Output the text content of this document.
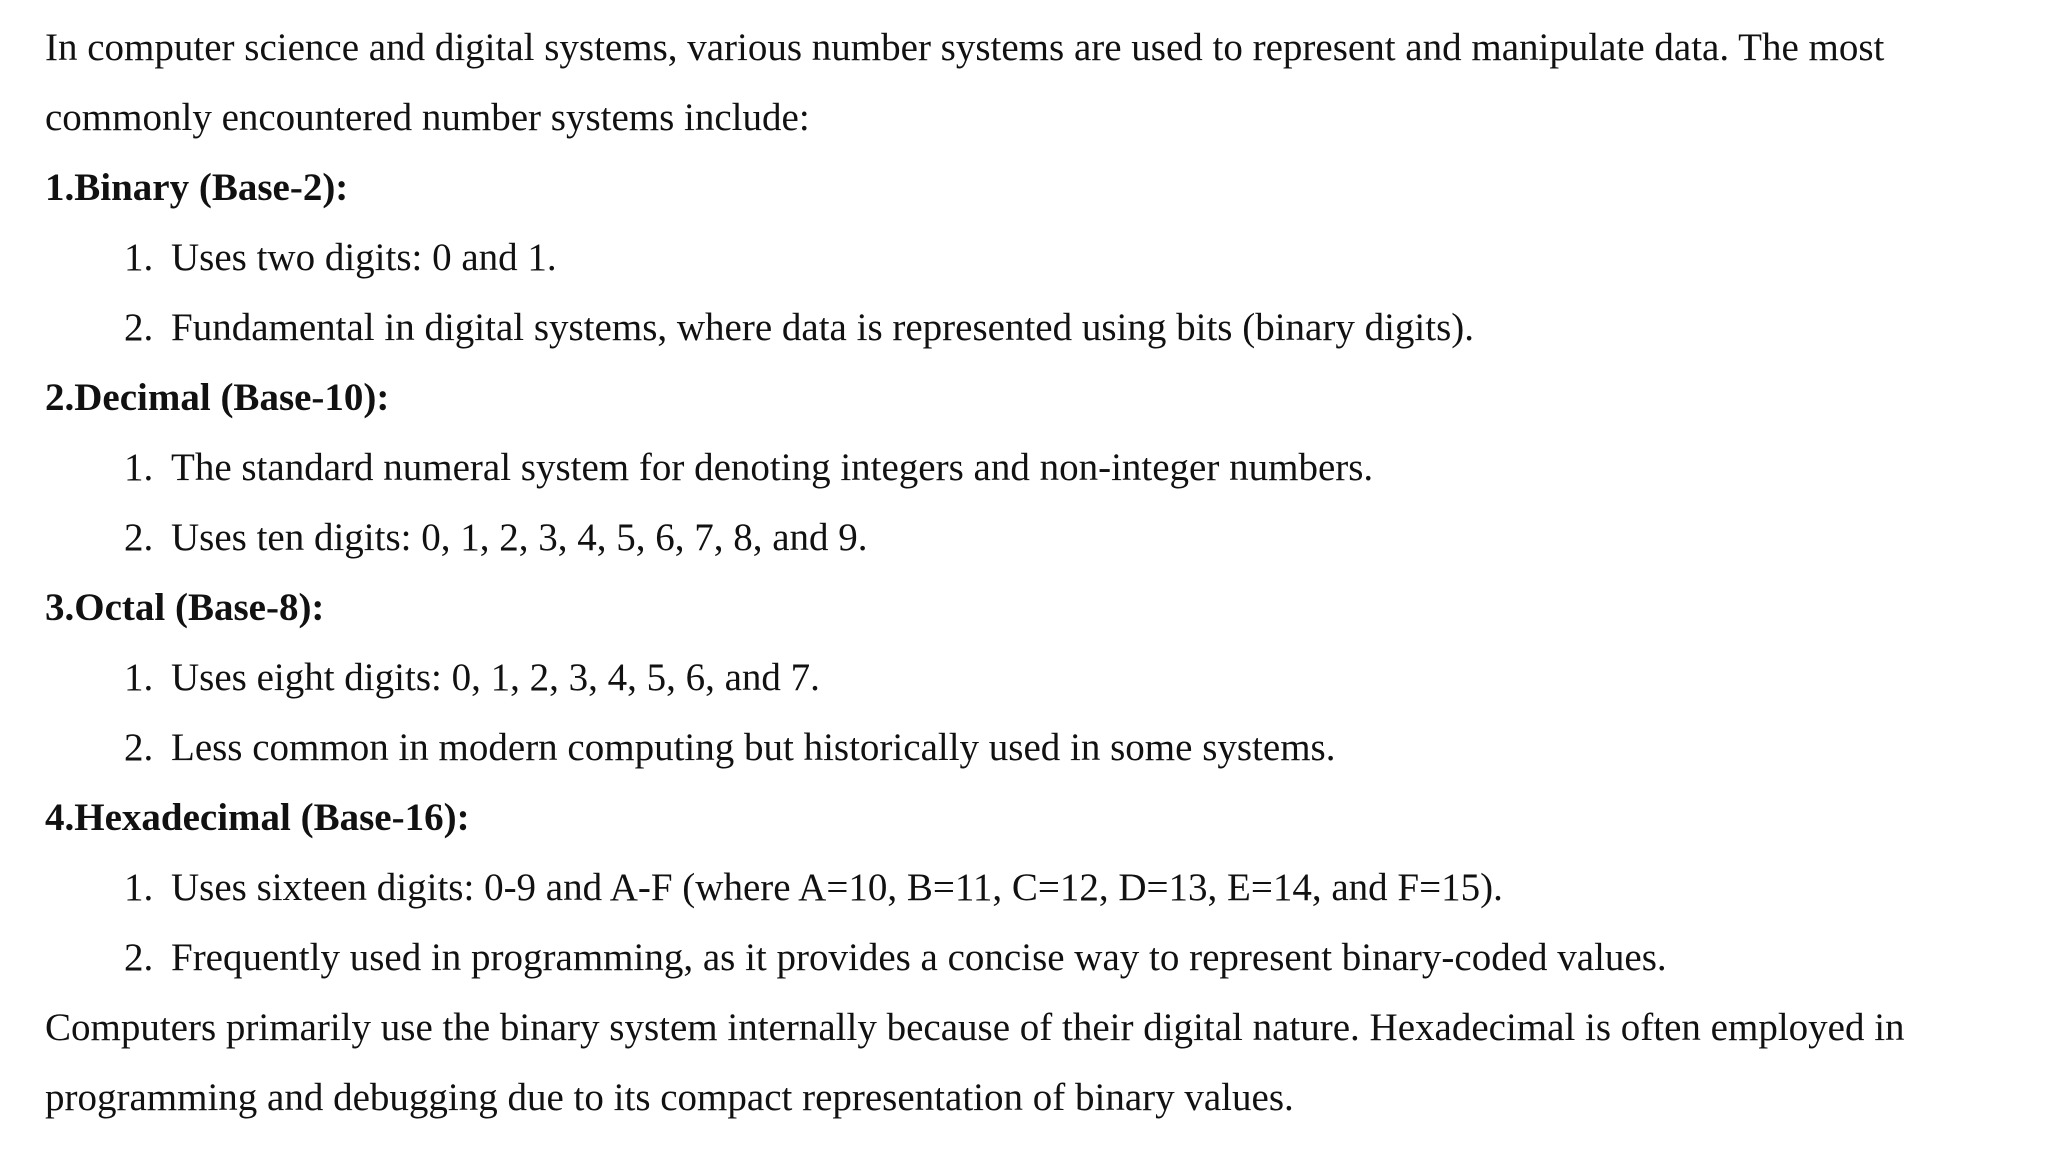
In computer science and digital systems, various number systems are used to represent and manipulate data. The most
commonly encountered number systems include:
1.Binary (Base-2):
1. Uses two digits: 0 and 1.
2. Fundamental in digital systems, where data is represented using bits (binary digits).
2.Decimal (Base-10):
1. The standard numeral system for denoting integers and non-integer numbers.
2. Uses ten digits: 0, 1, 2, 3, 4, 5, 6, 7, 8, and 9.
3.Octal (Base-8):
1. Uses eight digits: 0, 1, 2, 3, 4, 5, 6, and 7.
2. Less common in modern computing but historically used in some systems.
4.Hexadecimal (Base-16):
1. Uses sixteen digits: 0-9 and A-F (where A=10, B=11, C=12, D=13, E=14, and F=15).
2. Frequently used in programming, as it provides a concise way to represent binary-coded values.
Computers primarily use the binary system internally because of their digital nature. Hexadecimal is often employed in
programming and debugging due to its compact representation of binary values.
